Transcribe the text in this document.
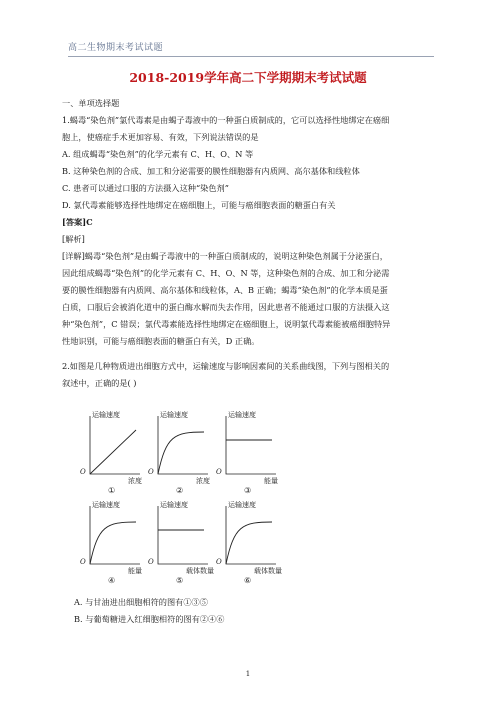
高二生物期末考试试题
2018-2019学年高二下学期期末考试试题
一、单项选择题
1.蝎毒“染色剂”氯代毒素是由蝎子毒液中的一种蛋白质制成的，它可以选择性地绑定在癌细
胞上，使癌症手术更加容易、有效，下列说法错误的是
A. 组成蝎毒“染色剂”的化学元素有 C、H、O、N 等
B. 这种染色剂的合成、加工和分泌需要的膜性细胞器有内质网、高尔基体和线粒体
C. 患者可以通过口服的方法摄入这种“染色剂”
D. 氯代毒素能够选择性地绑定在癌细胞上，可能与癌细胞表面的糖蛋白有关
[答案]C
[解析]
[详解]蝎毒“染色剂”是由蝎子毒液中的一种蛋白质制成的，说明这种染色剂属于分泌蛋白，
因此组成蝎毒“染色剂”的化学元素有 C、H、O、N 等，这种染色剂的合成、加工和分泌需
要的膜性细胞器有内质网、高尔基体和线粒体，A、B 正确；蝎毒“染色剂”的化学本质是蛋
白质，口服后会被消化道中的蛋白酶水解而失去作用，因此患者不能通过口服的方法摄入这
种“染色剂”，C 错误；氯代毒素能选择性地绑定在癌细胞上，说明氯代毒素能被癌细胞特异
性地识别，可能与癌细胞表面的糖蛋白有关，D 正确。
2.如图是几种物质进出细胞方式中，运输速度与影响因素间的关系曲线图，下列与图相关的
叙述中，正确的是( )
运输速度
O
浓度
①
运输速度
O
浓度
②
运输速度
O
能量
③
运输速度
O
能量
④
运输速度
O
载体数量
⑤
运输速度
O
载体数量
⑥
A. 与甘油进出细胞相符的图有①③⑤
B. 与葡萄糖进入红细胞相符的图有②④⑥
1
